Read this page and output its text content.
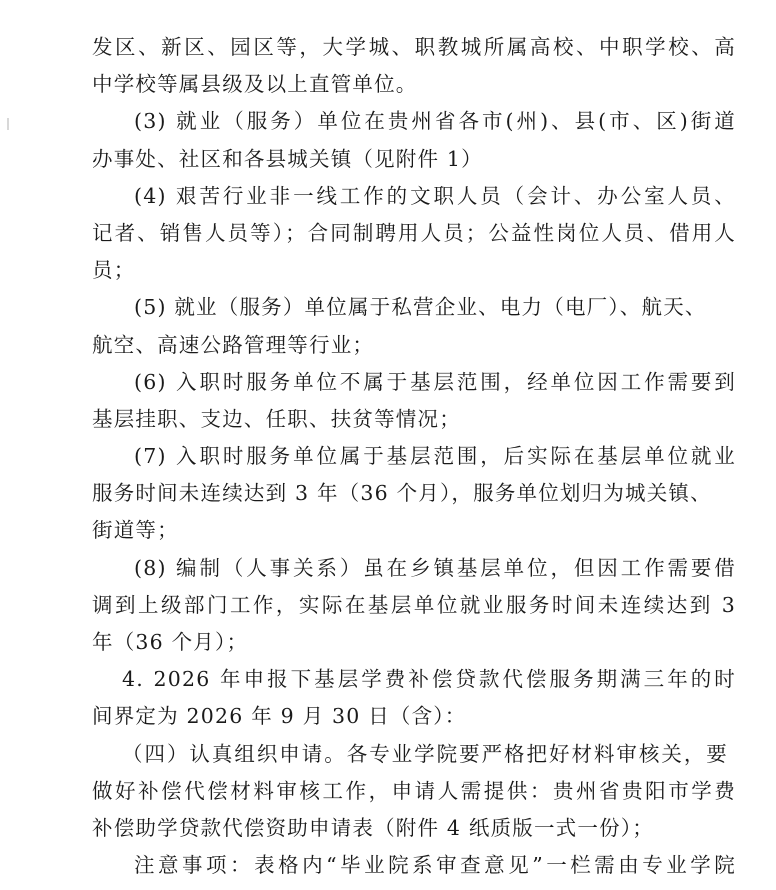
发区、新区、园区等，大学城、职教城所属高校、中职学校、高
中学校等属县级及以上直管单位。
(3) 就业（服务）单位在贵州省各市(州)、县(市、区)街道
办事处、社区和各县城关镇（见附件 1）
(4) 艰苦行业非一线工作的文职人员（会计、办公室人员、
记者、销售人员等）；合同制聘用人员；公益性岗位人员、借用人
员；
(5) 就业（服务）单位属于私营企业、电力（电厂）、航天、
航空、高速公路管理等行业；
(6) 入职时服务单位不属于基层范围，经单位因工作需要到
基层挂职、支边、任职、扶贫等情况；
(7) 入职时服务单位属于基层范围，后实际在基层单位就业
服务时间未连续达到 3 年（36 个月），服务单位划归为城关镇、
街道等；
(8) 编制（人事关系）虽在乡镇基层单位，但因工作需要借
调到上级部门工作，实际在基层单位就业服务时间未连续达到 3
年（36 个月）；
4. 2026 年申报下基层学费补偿贷款代偿服务期满三年的时
间界定为 2026 年 9 月 30 日（含）：
（四）认真组织申请。各专业学院要严格把好材料审核关，要
做好补偿代偿材料审核工作，申请人需提供：贵州省贵阳市学费
补偿助学贷款代偿资助申请表（附件 4 纸质版一式一份）；
注意事项：表格内“毕业院系审查意见”一栏需由专业学院
